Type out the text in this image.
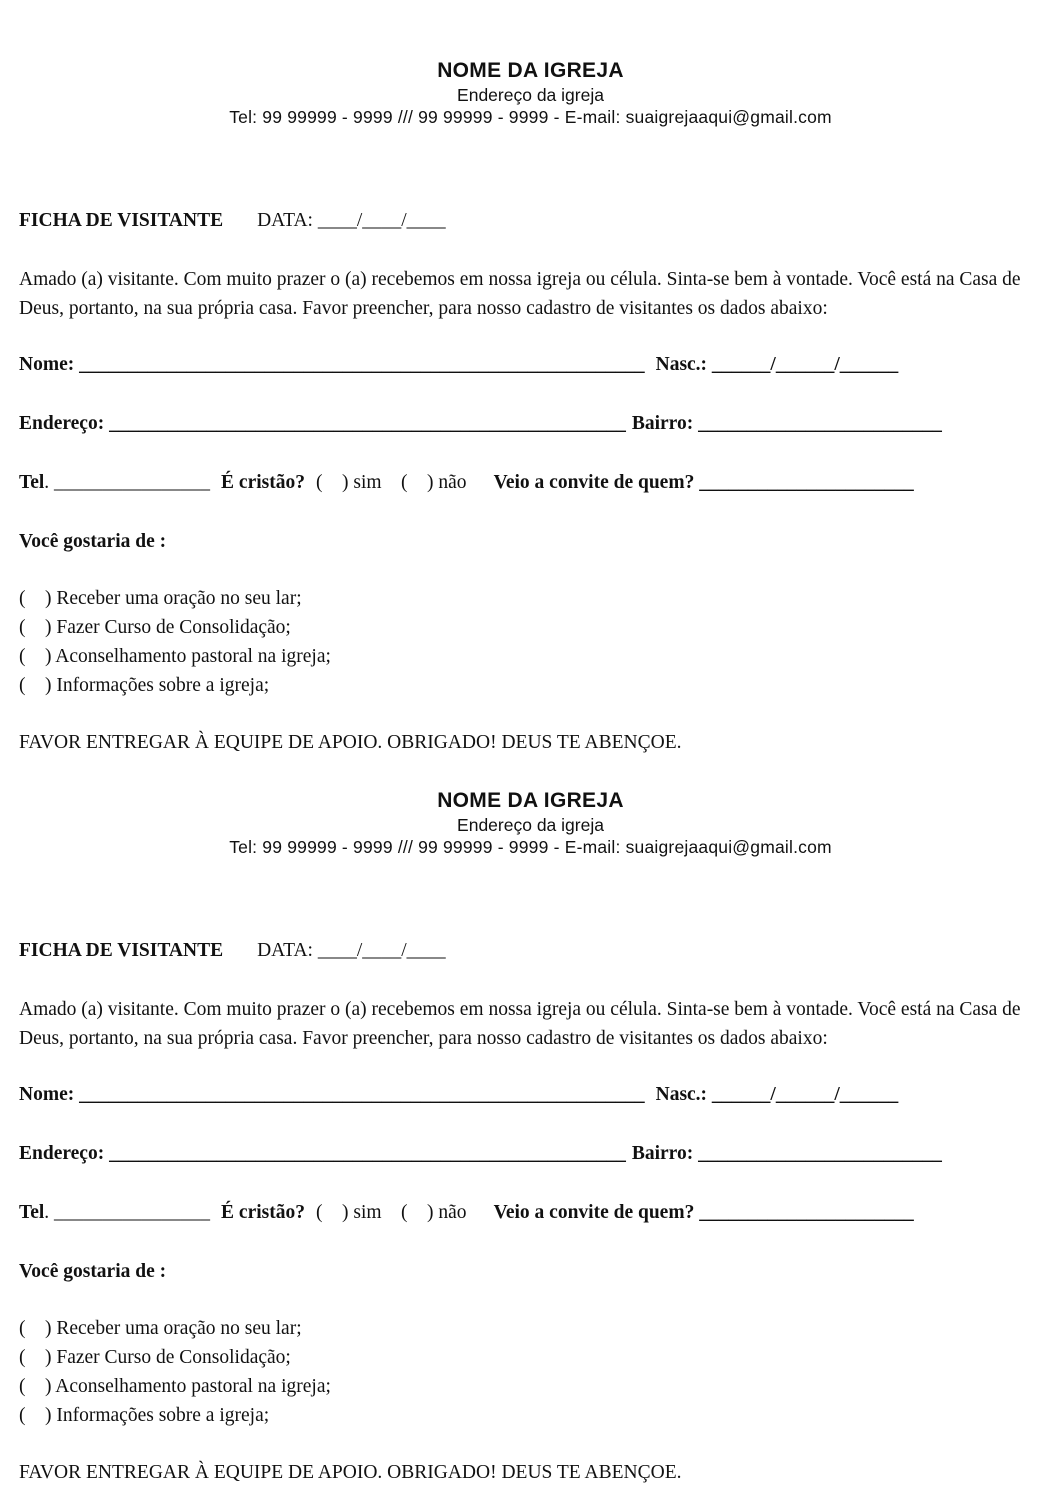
NOME DA IGREJA
Endereço da igreja
Tel: 99 99999 - 9999 /// 99 99999 - 9999 - E-mail: suaigrejaaqui@gmail.com
FICHA DE VISITANTE DATA: ____/____/____
Amado (a) visitante. Com muito prazer o (a) recebemos em nossa igreja ou célula. Sinta-se bem à vontade. Você está na Casa de Deus, portanto, na sua própria casa. Favor preencher, para nosso cadastro de visitantes os dados abaixo:
Nome: __________________________________________________________ Nasc.: ______/______/______
Endereço: _____________________________________________________ Bairro: _________________________
Tel. ________________ É cristão? (    ) sim    (    ) não Veio a convite de quem? ______________________
Você gostaria de :
(    ) Receber uma oração no seu lar;
(    ) Fazer Curso de Consolidação;
(    ) Aconselhamento pastoral na igreja;
(    ) Informações sobre a igreja;
FAVOR ENTREGAR À EQUIPE DE APOIO. OBRIGADO! DEUS TE ABENÇOE.
NOME DA IGREJA
Endereço da igreja
Tel: 99 99999 - 9999 /// 99 99999 - 9999 - E-mail: suaigrejaaqui@gmail.com
FICHA DE VISITANTE DATA: ____/____/____
Amado (a) visitante. Com muito prazer o (a) recebemos em nossa igreja ou célula. Sinta-se bem à vontade. Você está na Casa de Deus, portanto, na sua própria casa. Favor preencher, para nosso cadastro de visitantes os dados abaixo:
Nome: __________________________________________________________ Nasc.: ______/______/______
Endereço: _____________________________________________________ Bairro: _________________________
Tel. ________________ É cristão? (    ) sim    (    ) não Veio a convite de quem? ______________________
Você gostaria de :
(    ) Receber uma oração no seu lar;
(    ) Fazer Curso de Consolidação;
(    ) Aconselhamento pastoral na igreja;
(    ) Informações sobre a igreja;
FAVOR ENTREGAR À EQUIPE DE APOIO. OBRIGADO! DEUS TE ABENÇOE.
